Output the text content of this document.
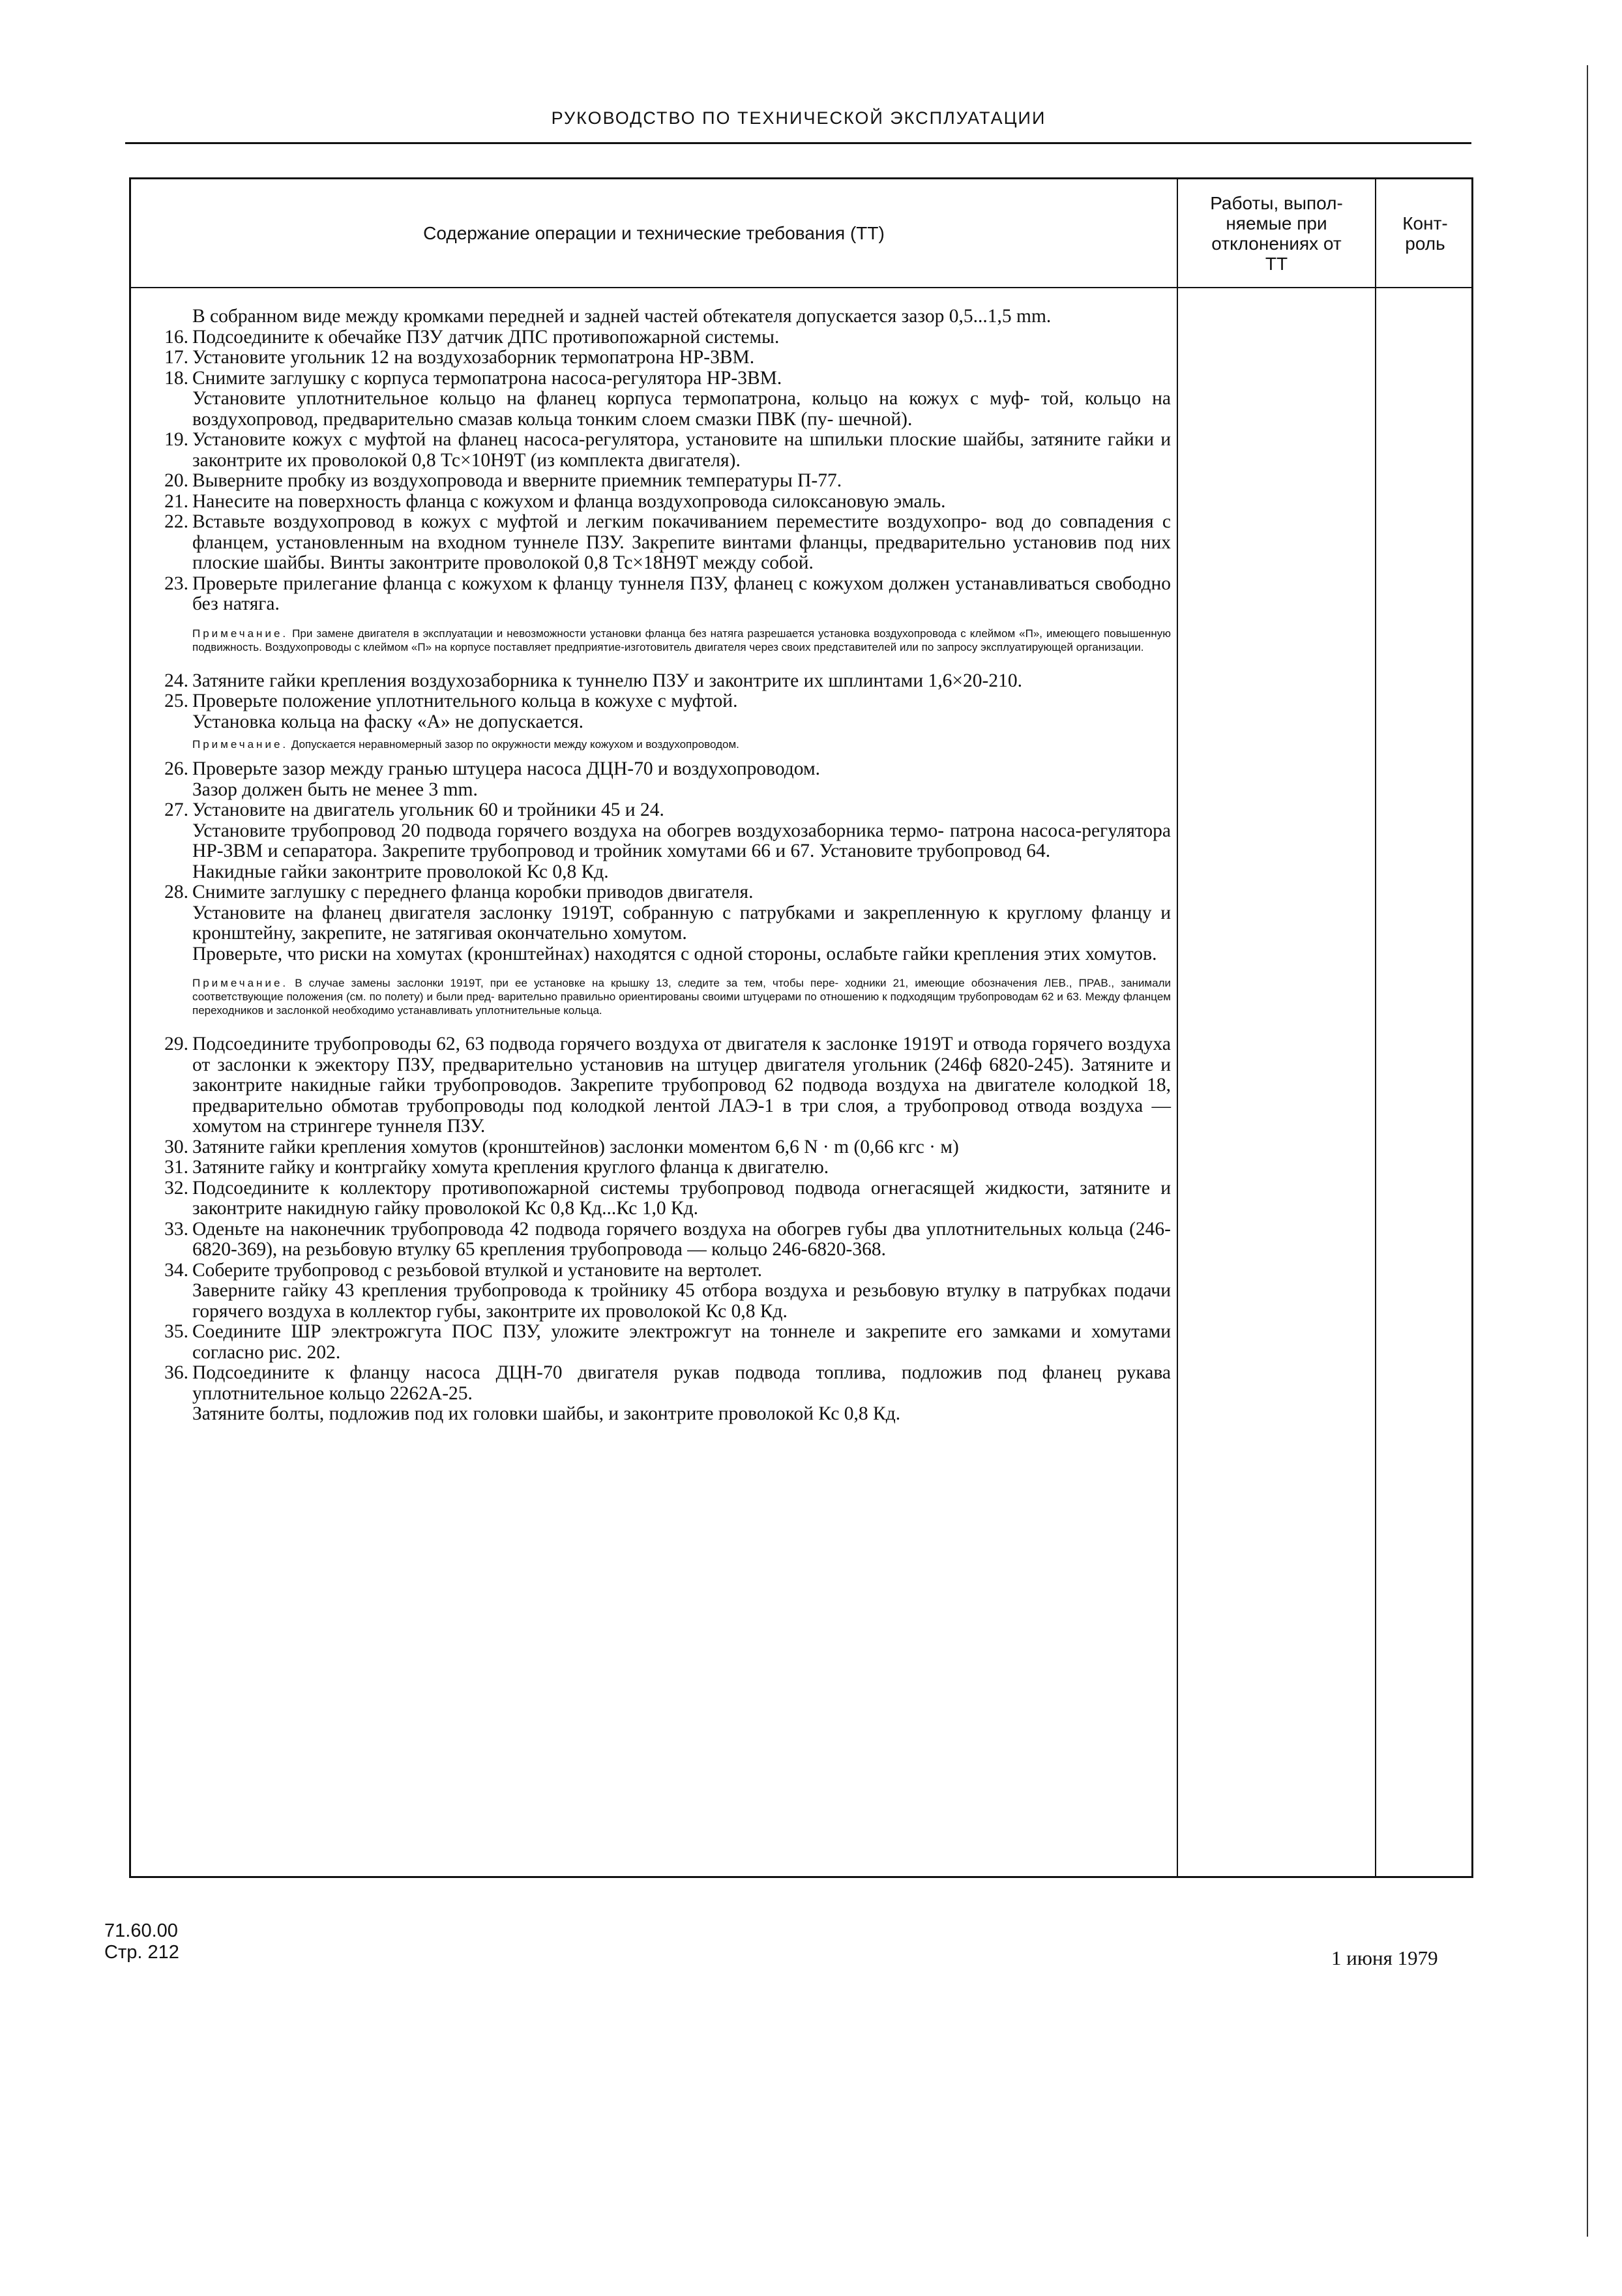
РУКОВОДСТВО ПО ТЕХНИЧЕСКОЙ ЭКСПЛУАТАЦИИ
Содержание операции и технические требования (ТТ)
Работы, выпол- няемые при отклонениях от ТТ
Конт- роль
В собранном виде между кромками передней и задней частей обтекателя допускается зазор 0,5...1,5 mm.
16. Подсоедините к обечайке ПЗУ датчик ДПС противопожарной системы.
17. Установите угольник 12 на воздухозаборник термопатрона НР-3ВМ.
18. Снимите заглушку с корпуса термопатрона насоса-регулятора НР-3ВМ.
Установите уплотнительное кольцо на фланец корпуса термопатрона, кольцо на кожух с муф- той, кольцо на воздухопровод, предварительно смазав кольца тонким слоем смазки ПВК (пу- шечной).
19. Установите кожух с муфтой на фланец насоса-регулятора, установите на шпильки плоские шайбы, затяните гайки и законтрите их проволокой 0,8 Тс×10Н9Т (из комплекта двигателя).
20. Выверните пробку из воздухопровода и вверните приемник температуры П-77.
21. Нанесите на поверхность фланца с кожухом и фланца воздухопровода силоксановую эмаль.
22. Вставьте воздухопровод в кожух с муфтой и легким покачиванием переместите воздухопро- вод до совпадения с фланцем, установленным на входном туннеле ПЗУ. Закрепите винтами фланцы, предварительно установив под них плоские шайбы. Винты законтрите проволокой 0,8 Тс×18Н9Т между собой.
23. Проверьте прилегание фланца с кожухом к фланцу туннеля ПЗУ, фланец с кожухом должен устанавливаться свободно без натяга.
Примечание. При замене двигателя в эксплуатации и невозможности установки фланца без натяга разрешается установка воздухопровода с клеймом «П», имеющего повышенную подвижность. Воздухопроводы с клеймом «П» на корпусе поставляет предприятие-изготовитель двигателя через своих представителей или по запросу эксплуатирующей организации.
24. Затяните гайки крепления воздухозаборника к туннелю ПЗУ и законтрите их шплинтами 1,6×20-210.
25. Проверьте положение уплотнительного кольца в кожухе с муфтой.
Установка кольца на фаску «А» не допускается.
Примечание. Допускается неравномерный зазор по окружности между кожухом и воздухопроводом.
26. Проверьте зазор между гранью штуцера насоса ДЦН-70 и воздухопроводом.
Зазор должен быть не менее 3 mm.
27. Установите на двигатель угольник 60 и тройники 45 и 24.
Установите трубопровод 20 подвода горячего воздуха на обогрев воздухозаборника термо- патрона насоса-регулятора НР-3ВМ и сепаратора. Закрепите трубопровод и тройник хомутами 66 и 67. Установите трубопровод 64.
Накидные гайки законтрите проволокой Кс 0,8 Кд.
28. Снимите заглушку с переднего фланца коробки приводов двигателя.
Установите на фланец двигателя заслонку 1919Т, собранную с патрубками и закрепленную к круглому фланцу и кронштейну, закрепите, не затягивая окончательно хомутом.
Проверьте, что риски на хомутах (кронштейнах) находятся с одной стороны, ослабьте гайки крепления этих хомутов.
Примечание. В случае замены заслонки 1919Т, при ее установке на крышку 13, следите за тем, чтобы пере- ходники 21, имеющие обозначения ЛЕВ., ПРАВ., занимали соответствующие положения (см. по полету) и были пред- варительно правильно ориентированы своими штуцерами по отношению к подходящим трубопроводам 62 и 63. Между фланцем переходников и заслонкой необходимо устанавливать уплотнительные кольца.
29. Подсоедините трубопроводы 62, 63 подвода горячего воздуха от двигателя к заслонке 1919Т и отвода горячего воздуха от заслонки к эжектору ПЗУ, предварительно установив на штуцер двигателя угольник (246ф 6820-245). Затяните и законтрите накидные гайки трубопроводов. Закрепите трубопровод 62 подвода воздуха на двигателе колодкой 18, предварительно обмотав трубопроводы под колодкой лентой ЛАЭ-1 в три слоя, а трубопровод отвода воздуха — хомутом на стрингере туннеля ПЗУ.
30. Затяните гайки крепления хомутов (кронштейнов) заслонки моментом 6,6 N · m (0,66 кгс · м)
31. Затяните гайку и контргайку хомута крепления круглого фланца к двигателю.
32. Подсоедините к коллектору противопожарной системы трубопровод подвода огнегасящей жидкости, затяните и законтрите накидную гайку проволокой Кс 0,8 Кд...Кс 1,0 Кд.
33. Оденьте на наконечник трубопровода 42 подвода горячего воздуха на обогрев губы два уплотнительных кольца (246-6820-369), на резьбовую втулку 65 крепления трубопровода — кольцо 246-6820-368.
34. Соберите трубопровод с резьбовой втулкой и установите на вертолет.
Заверните гайку 43 крепления трубопровода к тройнику 45 отбора воздуха и резьбовую втулку в патрубках подачи горячего воздуха в коллектор губы, законтрите их проволокой Кс 0,8 Кд.
35. Соедините ШР электрожгута ПОС ПЗУ, уложите электрожгут на тоннеле и закрепите его замками и хомутами согласно рис. 202.
36. Подсоедините к фланцу насоса ДЦН-70 двигателя рукав подвода топлива, подложив под фланец рукава уплотнительное кольцо 2262А-25.
Затяните болты, подложив под их головки шайбы, и законтрите проволокой Кс 0,8 Кд.
71.60.00
Стр. 212	1 июня 1979
